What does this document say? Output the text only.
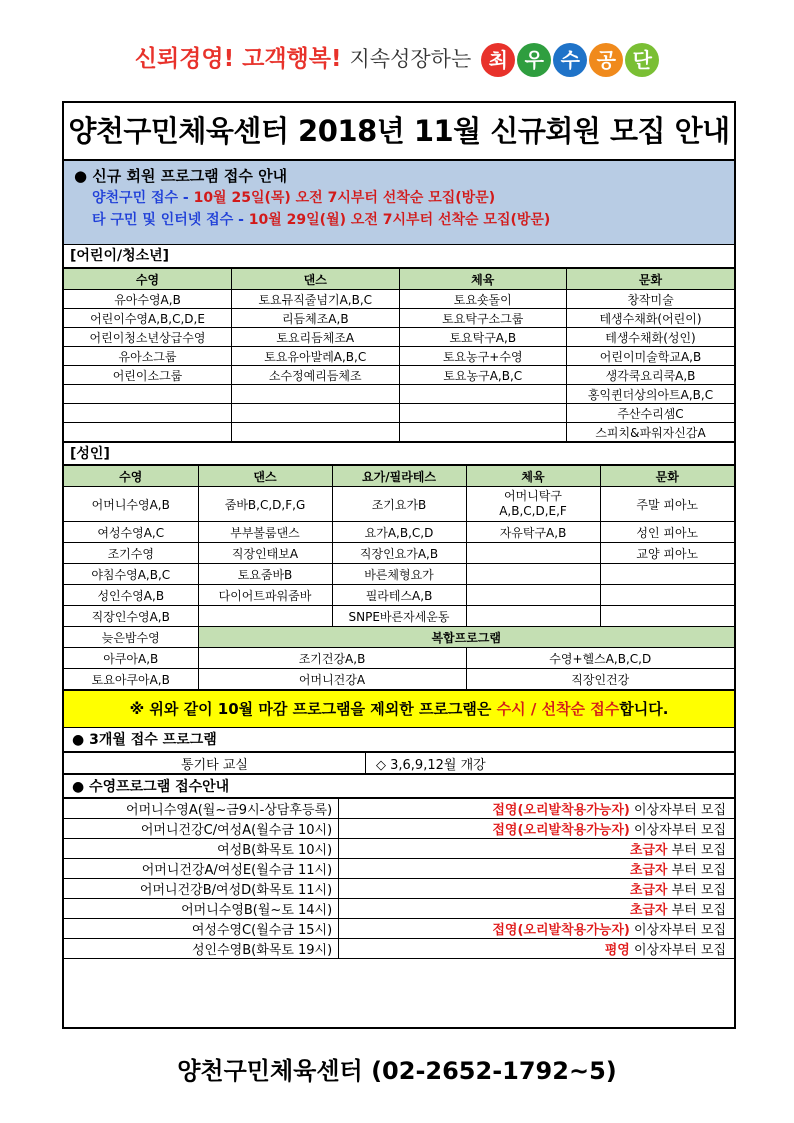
신뢰경영! 고객행복! 지속성장하는 최 우 수 공 단
양천구민체육센터 2018년 11월 신규회원 모집 안내
● 신규 회원 프로그램 접수 안내
양천구민 접수 - 10월 25일(목) 오전 7시부터 선착순 모집(방문)
타 구민 및 인터넷 접수 - 10월 29일(월) 오전 7시부터 선착순 모집(방문)
[어린이/청소년]
수영	댄스	체육	문화
유아수영A,B	토요뮤직줄넘기A,B,C	토요숏돌이	창작미술
어린이수영A,B,C,D,E	리듬체조A,B	토요탁구소그룹	테생수채화(어린이)
어린이청소년상급수영	토요리듬체조A	토요탁구A,B	테생수채화(성인)
유아소그룹	토요유아발레A,B,C	토요농구+수영	어린이미술학교A,B
어린이소그룹	소수정예리듬체조	토요농구A,B,C	생각쿡요리쿡A,B
			홍익퀸더상의아트A,B,C
			주산수리셈C
			스피치&파워자신감A
[성인]
수영	댄스	요가/필라테스	체육	문화
어머니수영A,B	줌바B,C,D,F,G	조기요가B	어머니탁구 A,B,C,D,E,F	주말 피아노
여성수영A,C	부부볼룸댄스	요가A,B,C,D	자유탁구A,B	성인 피아노
조기수영	직장인태보A	직장인요가A,B		교양 피아노
야침수영A,B,C	토요줌바B	바른체형요가		
성인수영A,B	다이어트파워줌바	필라테스A,B		
직장인수영A,B		SNPE바른자세운동		
늦은밤수영	복합프로그램			
아쿠아A,B	조기건강A,B		수영+헬스A,B,C,D	
토요아쿠아A,B	어머니건강A		직장인건강	
※ 위와 같이 10월 마감 프로그램을 제외한 프로그램은 수시 / 선착순 접수합니다.
● 3개월 접수 프로그램
통기타 교실	◇ 3,6,9,12월 개강
● 수영프로그램 접수안내
어머니수영A(월~금9시-상담후등록)	접영(오리발착용가능자) 이상자부터 모집
어머니건강C/여성A(월수금 10시)	접영(오리발착용가능자) 이상자부터 모집
여성B(화목토 10시)	초급자 부터 모집
어머니건강A/여성E(월수금 11시)	초급자 부터 모집
어머니건강B/여성D(화목토 11시)	초급자 부터 모집
어머니수영B(월~토 14시)	초급자 부터 모집
여성수영C(월수금 15시)	접영(오리발착용가능자) 이상자부터 모집
성인수영B(화목토 19시)	평영 이상자부터 모집
양천구민체육센터 (02-2652-1792~5)
